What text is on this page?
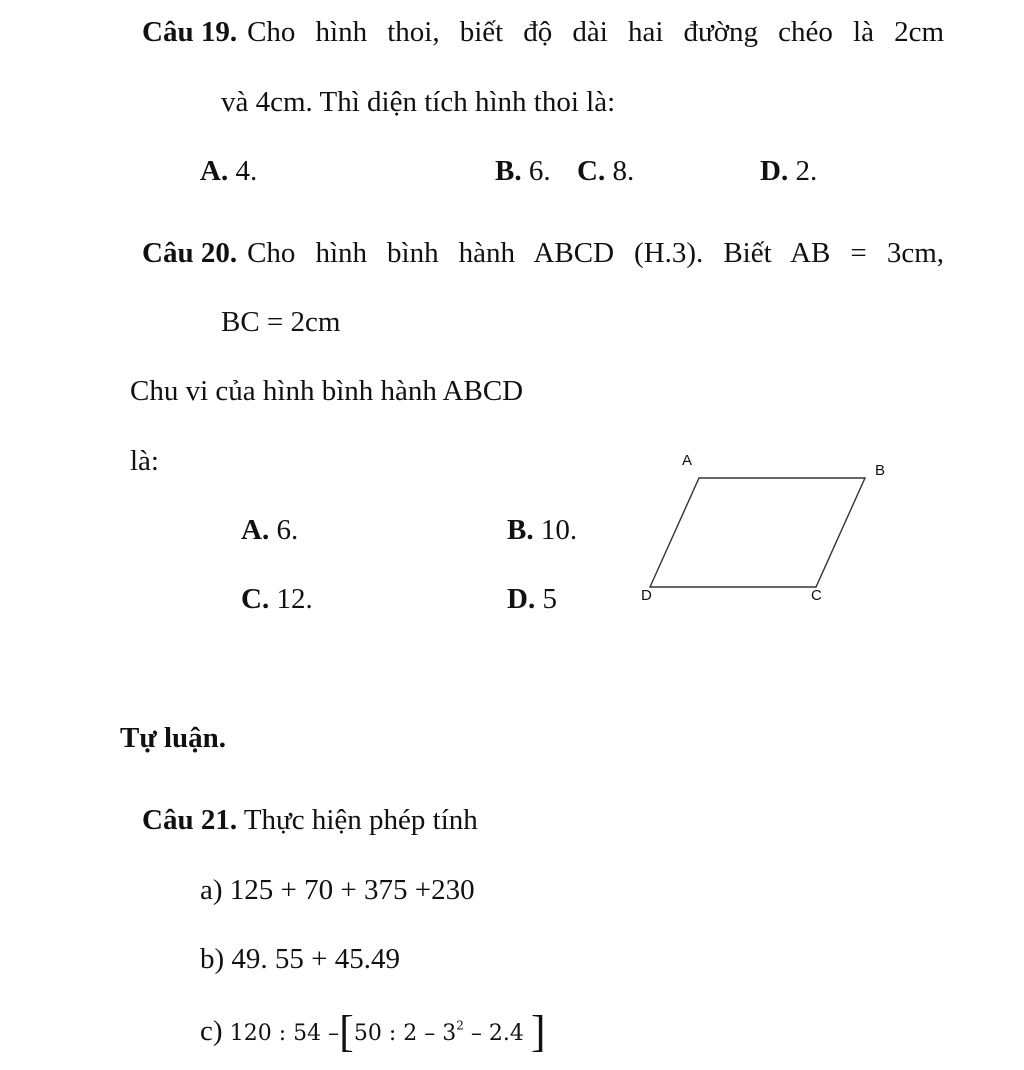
Câu 19. Cho hình thoi, biết độ dài hai đường chéo là 2cm
và 4cm. Thì diện tích hình thoi là:
A. 4.	B. 6. C. 8.	D. 2.
Câu 20. Cho hình bình hành ABCD (H.3). Biết AB = 3cm,
BC = 2cm
Chu vi của hình bình hành ABCD
là:
A. 6.	B. 10.
C. 12.	D. 5
A
B
C
D
Tự luận.
Câu 21. Thực hiện phép tính
a) 125 + 70 + 375 +230
b) 49. 55 + 45.49
c) 120 : 54 –[50 : $2 - 3^2 - 2.4$ ]
